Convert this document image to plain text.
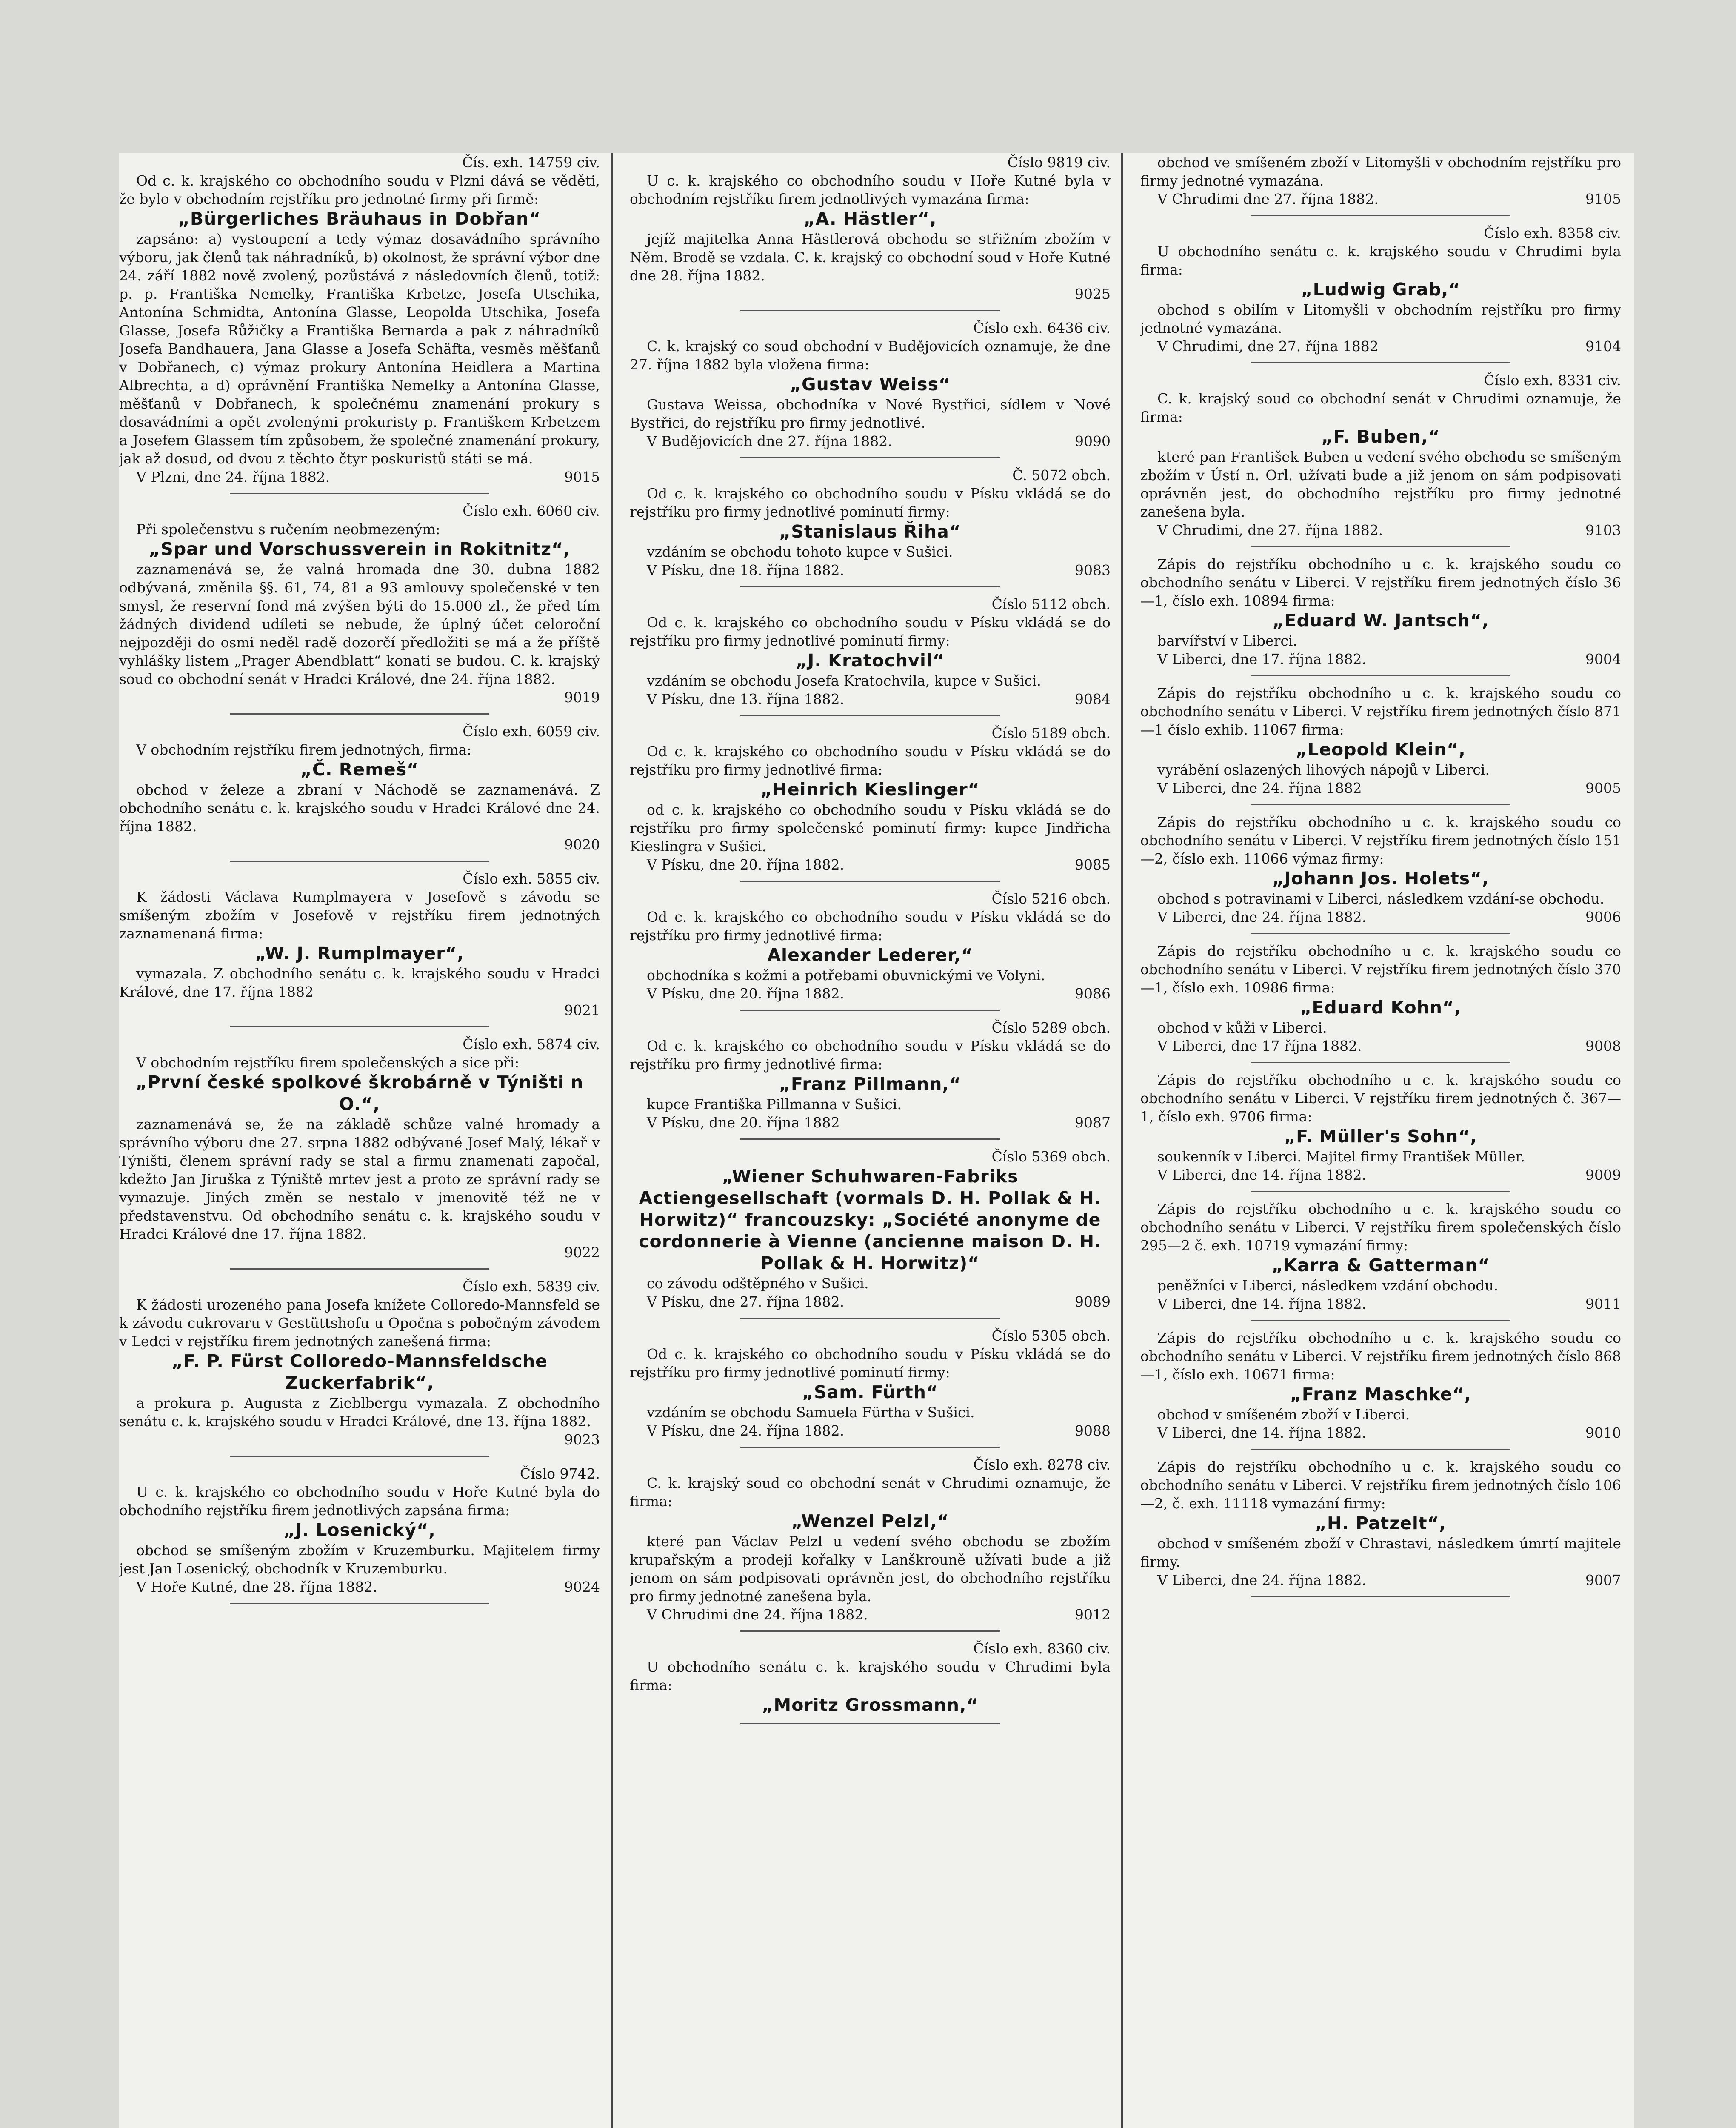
Čís. exh. 14759 civ.
Od c. k. krajského co obchodního soudu v Plzni dává se věděti, že bylo v obchodním rejstříku pro jednotné firmy při firmě:
„Bürgerliches Bräuhaus in Dobřan“
zapsáno: a) vystoupení a tedy výmaz dosavádního správního výboru, jak členů tak náhradníků, b) okolnost, že správní výbor dne 24. září 1882 nově zvolený, pozůstává z následovních členů, totiž: p. p. Františka Nemelky, Františka Krbetze, Josefa Utschika, Antonína Schmidta, Antonína Glasse, Leopolda Utschika, Josefa Glasse, Josefa Růžičky a Františka Bernarda a pak z náhradníků Josefa Bandhauera, Jana Glasse a Josefa Schäfta, vesměs měšťanů v Dobřanech, c) výmaz prokury Antonína Heidlera a Martina Albrechta, a d) oprávnění Františka Nemelky a Antonína Glasse, měšťanů v Dobřanech, k společnému znamenání prokury s dosavádními a opět zvolenými prokuristy p. Františkem Krbetzem a Josefem Glassem tím způsobem, že společné znamenání prokury, jak až dosud, od dvou z těchto čtyr poskuristů státi se má.
V Plzni, dne 24. října 1882.	9015
Číslo exh. 6060 civ.
Při společenstvu s ručením neobmezeným:
„Spar und Vorschussverein in Rokitnitz“,
zaznamenává se, že valná hromada dne 30. dubna 1882 odbývaná, změnila §§. 61, 74, 81 a 93 amlouvy společenské v ten smysl, že reservní fond má zvýšen býti do 15.000 zl., že před tím žádných dividend udíleti se nebude, že úplný účet celoroční nejpozději do osmi neděl radě dozorčí předložiti se má a že příště vyhlášky listem „Prager Abendblatt“ konati se budou. C. k. krajský soud co obchodní senát v Hradci Králové, dne 24. října 1882.
9019
Číslo exh. 6059 civ.
V obchodním rejstříku firem jednotných, firma:
„Č. Remeš“
obchod v železe a zbraní v Náchodě se zaznamenává. Z obchodního senátu c. k. krajského soudu v Hradci Králové dne 24. října 1882.
9020
Číslo exh. 5855 civ.
K žádosti Václava Rumplmayera v Josefově s závodu se smíšeným zbožím v Josefově v rejstříku firem jednotných zaznamenaná firma:
„W. J. Rumplmayer“,
vymazala. Z obchodního senátu c. k. krajského soudu v Hradci Králové, dne 17. října 1882
9021
Číslo exh. 5874 civ.
V obchodním rejstříku firem společenských a sice při:
„První české spolkové škrobárně v Týništi n O.“,
zaznamenává se, že na základě schůze valné hromady a správního výboru dne 27. srpna 1882 odbývané Josef Malý, lékař v Týništi, členem správní rady se stal a firmu znamenati započal, kdežto Jan Jiruška z Týniště mrtev jest a proto ze správní rady se vymazuje. Jiných změn se nestalo v jmenovitě též ne v představenstvu. Od obchodního senátu c. k. krajského soudu v Hradci Králové dne 17. října 1882.
9022
Číslo exh. 5839 civ.
K žádosti urozeného pana Josefa knížete Colloredo-Mannsfeld se k závodu cukrovaru v Gestüttshofu u Opočna s pobočným závodem v Ledci v rejstříku firem jednotných zanešená firma:
„F. P. Fürst Colloredo-Mannsfeldsche Zuckerfabrik“,
a prokura p. Augusta z Zieblbergu vymazala. Z obchodního senátu c. k. krajského soudu v Hradci Králové, dne 13. října 1882.
9023
Číslo 9742.
U c. k. krajského co obchodního soudu v Hoře Kutné byla do obchodního rejstříku firem jednotlivých zapsána firma:
„J. Losenický“,
obchod se smíšeným zbožím v Kruzemburku. Majitelem firmy jest Jan Losenický, obchodník v Kruzemburku.
V Hoře Kutné, dne 28. října 1882.	9024
Číslo 9819 civ.
U c. k. krajského co obchodního soudu v Hoře Kutné byla v obchodním rejstříku firem jednotlivých vymazána firma:
„A. Hästler“,
jejíž majitelka Anna Hästlerová obchodu se střižním zbožím v Něm. Brodě se vzdala. C. k. krajský co obchodní soud v Hoře Kutné dne 28. října 1882.
9025
Číslo exh. 6436 civ.
C. k. krajský co soud obchodní v Budějovicích oznamuje, že dne 27. října 1882 byla vložena firma:
„Gustav Weiss“
Gustava Weissa, obchodníka v Nové Bystřici, sídlem v Nové Bystřici, do rejstříku pro firmy jednotlivé.
V Budějovicích dne 27. října 1882.	9090
Č. 5072 obch.
Od c. k. krajského co obchodního soudu v Písku vkládá se do rejstříku pro firmy jednotlivé pominutí firmy:
„Stanislaus Řiha“
vzdáním se obchodu tohoto kupce v Sušici.
V Písku, dne 18. října 1882.	9083
Číslo 5112 obch.
Od c. k. krajského co obchodního soudu v Písku vkládá se do rejstříku pro firmy jednotlivé pominutí firmy:
„J. Kratochvil“
vzdáním se obchodu Josefa Kratochvila, kupce v Sušici.
V Písku, dne 13. října 1882.	9084
Číslo 5189 obch.
Od c. k. krajského co obchodního soudu v Písku vkládá se do rejstříku pro firmy jednotlivé firma:
„Heinrich Kieslinger“
od c. k. krajského co obchodního soudu v Písku vkládá se do rejstříku pro firmy společenské pominutí firmy: kupce Jindřicha Kieslingra v Sušici.
V Písku, dne 20. října 1882.	9085
Číslo 5216 obch.
Od c. k. krajského co obchodního soudu v Písku vkládá se do rejstříku pro firmy jednotlivé firma:
Alexander Lederer,“
obchodníka s kožmi a potřebami obuvnickými ve Volyni.
V Písku, dne 20. října 1882.	9086
Číslo 5289 obch.
Od c. k. krajského co obchodního soudu v Písku vkládá se do rejstříku pro firmy jednotlivé firma:
„Franz Pillmann,“
kupce Františka Pillmanna v Sušici.
V Písku, dne 20. října 1882	9087
Číslo 5369 obch.
„Wiener Schuhwaren-Fabriks Actiengesellschaft (vormals D. H. Pollak & H. Horwitz)“ francouzsky: „Société anonyme de cordonnerie à Vienne (ancienne maison D. H. Pollak & H. Horwitz)“
co závodu odštěpného v Sušici.
V Písku, dne 27. října 1882.	9089
Číslo 5305 obch.
Od c. k. krajského co obchodního soudu v Písku vkládá se do rejstříku pro firmy jednotlivé pominutí firmy:
„Sam. Fürth“
vzdáním se obchodu Samuela Fürtha v Sušici.
V Písku, dne 24. října 1882.	9088
Číslo exh. 8278 civ.
C. k. krajský soud co obchodní senát v Chrudimi oznamuje, že firma:
„Wenzel Pelzl,“
které pan Václav Pelzl u vedení svého obchodu se zbožím krupařským a prodeji kořalky v Lanškrouně užívati bude a již jenom on sám podpisovati oprávněn jest, do obchodního rejstříku pro firmy jednotné zanešena byla.
V Chrudimi dne 24. října 1882.	9012
Číslo exh. 8360 civ.
U obchodního senátu c. k. krajského soudu v Chrudimi byla firma:
„Moritz Grossmann,“
obchod ve smíšeném zboží v Litomyšli v obchodním rejstříku pro firmy jednotné vymazána.
V Chrudimi dne 27. října 1882.	9105
Číslo exh. 8358 civ.
U obchodního senátu c. k. krajského soudu v Chrudimi byla firma:
„Ludwig Grab,“
obchod s obilím v Litomyšli v obchodním rejstříku pro firmy jednotné vymazána.
V Chrudimi, dne 27. října 1882	9104
Číslo exh. 8331 civ.
C. k. krajský soud co obchodní senát v Chrudimi oznamuje, že firma:
„F. Buben,“
které pan František Buben u vedení svého obchodu se smíšeným zbožím v Ústí n. Orl. užívati bude a již jenom on sám podpisovati oprávněn jest, do obchodního rejstříku pro firmy jednotné zanešena byla.
V Chrudimi, dne 27. října 1882.	9103
Zápis do rejstříku obchodního u c. k. krajského soudu co obchodního senátu v Liberci. V rejstříku firem jednotných číslo 36—1, číslo exh. 10894 firma:
„Eduard W. Jantsch“,
barvířství v Liberci.
V Liberci, dne 17. října 1882.	9004
Zápis do rejstříku obchodního u c. k. krajského soudu co obchodního senátu v Liberci. V rejstříku firem jednotných číslo 871—1 číslo exhib. 11067 firma:
„Leopold Klein“,
vyrábění oslazených lihových nápojů v Liberci.
V Liberci, dne 24. října 1882	9005
Zápis do rejstříku obchodního u c. k. krajského soudu co obchodního senátu v Liberci. V rejstříku firem jednotných číslo 151—2, číslo exh. 11066 výmaz firmy:
„Johann Jos. Holets“,
obchod s potravinami v Liberci, následkem vzdání-se obchodu.
V Liberci, dne 24. října 1882.	9006
Zápis do rejstříku obchodního u c. k. krajského soudu co obchodního senátu v Liberci. V rejstříku firem jednotných číslo 370—1, číslo exh. 10986 firma:
„Eduard Kohn“,
obchod v kůži v Liberci.
V Liberci, dne 17 října 1882.	9008
Zápis do rejstříku obchodního u c. k. krajského soudu co obchodního senátu v Liberci. V rejstříku firem jednotných č. 367—1, číslo exh. 9706 firma:
„F. Müller's Sohn“,
soukenník v Liberci. Majitel firmy František Müller.
V Liberci, dne 14. října 1882.	9009
Zápis do rejstříku obchodního u c. k. krajského soudu co obchodního senátu v Liberci. V rejstříku firem společenských číslo 295—2 č. exh. 10719 vymazání firmy:
„Karra & Gatterman“
peněžníci v Liberci, následkem vzdání obchodu.
V Liberci, dne 14. října 1882.	9011
Zápis do rejstříku obchodního u c. k. krajského soudu co obchodního senátu v Liberci. V rejstříku firem jednotných číslo 868—1, číslo exh. 10671 firma:
„Franz Maschke“,
obchod v smíšeném zboží v Liberci.
V Liberci, dne 14. října 1882.	9010
Zápis do rejstříku obchodního u c. k. krajského soudu co obchodního senátu v Liberci. V rejstříku firem jednotných číslo 106—2, č. exh. 11118 vymazání firmy:
„H. Patzelt“,
obchod v smíšeném zboží v Chrastavi, následkem úmrtí majitele firmy.
V Liberci, dne 24. října 1882.	9007
